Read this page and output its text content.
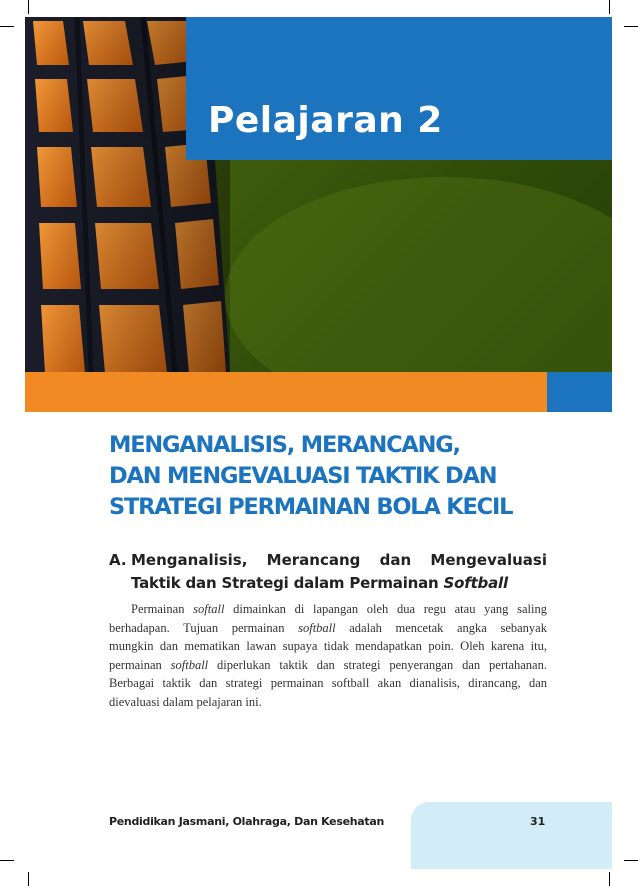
Pelajaran 2
MENGANALISIS, MERANCANG,
DAN MENGEVALUASI TAKTIK DAN
STRATEGI PERMAINAN BOLA KECIL
A. Menganalisis, Merancang dan Mengevaluasi
Taktik dan Strategi dalam Permainan Softball
Permainan softall dimainkan di lapangan oleh dua regu atau yang saling
berhadapan. Tujuan permainan softball adalah mencetak angka sebanyak
mungkin dan mematikan lawan supaya tidak mendapatkan poin. Oleh karena itu,
permainan softball diperlukan taktik dan strategi penyerangan dan pertahanan.
Berbagai taktik dan strategi permainan softball akan dianalisis, dirancang, dan
dievaluasi dalam pelajaran ini.
Pendidikan Jasmani, Olahraga, Dan Kesehatan	31
